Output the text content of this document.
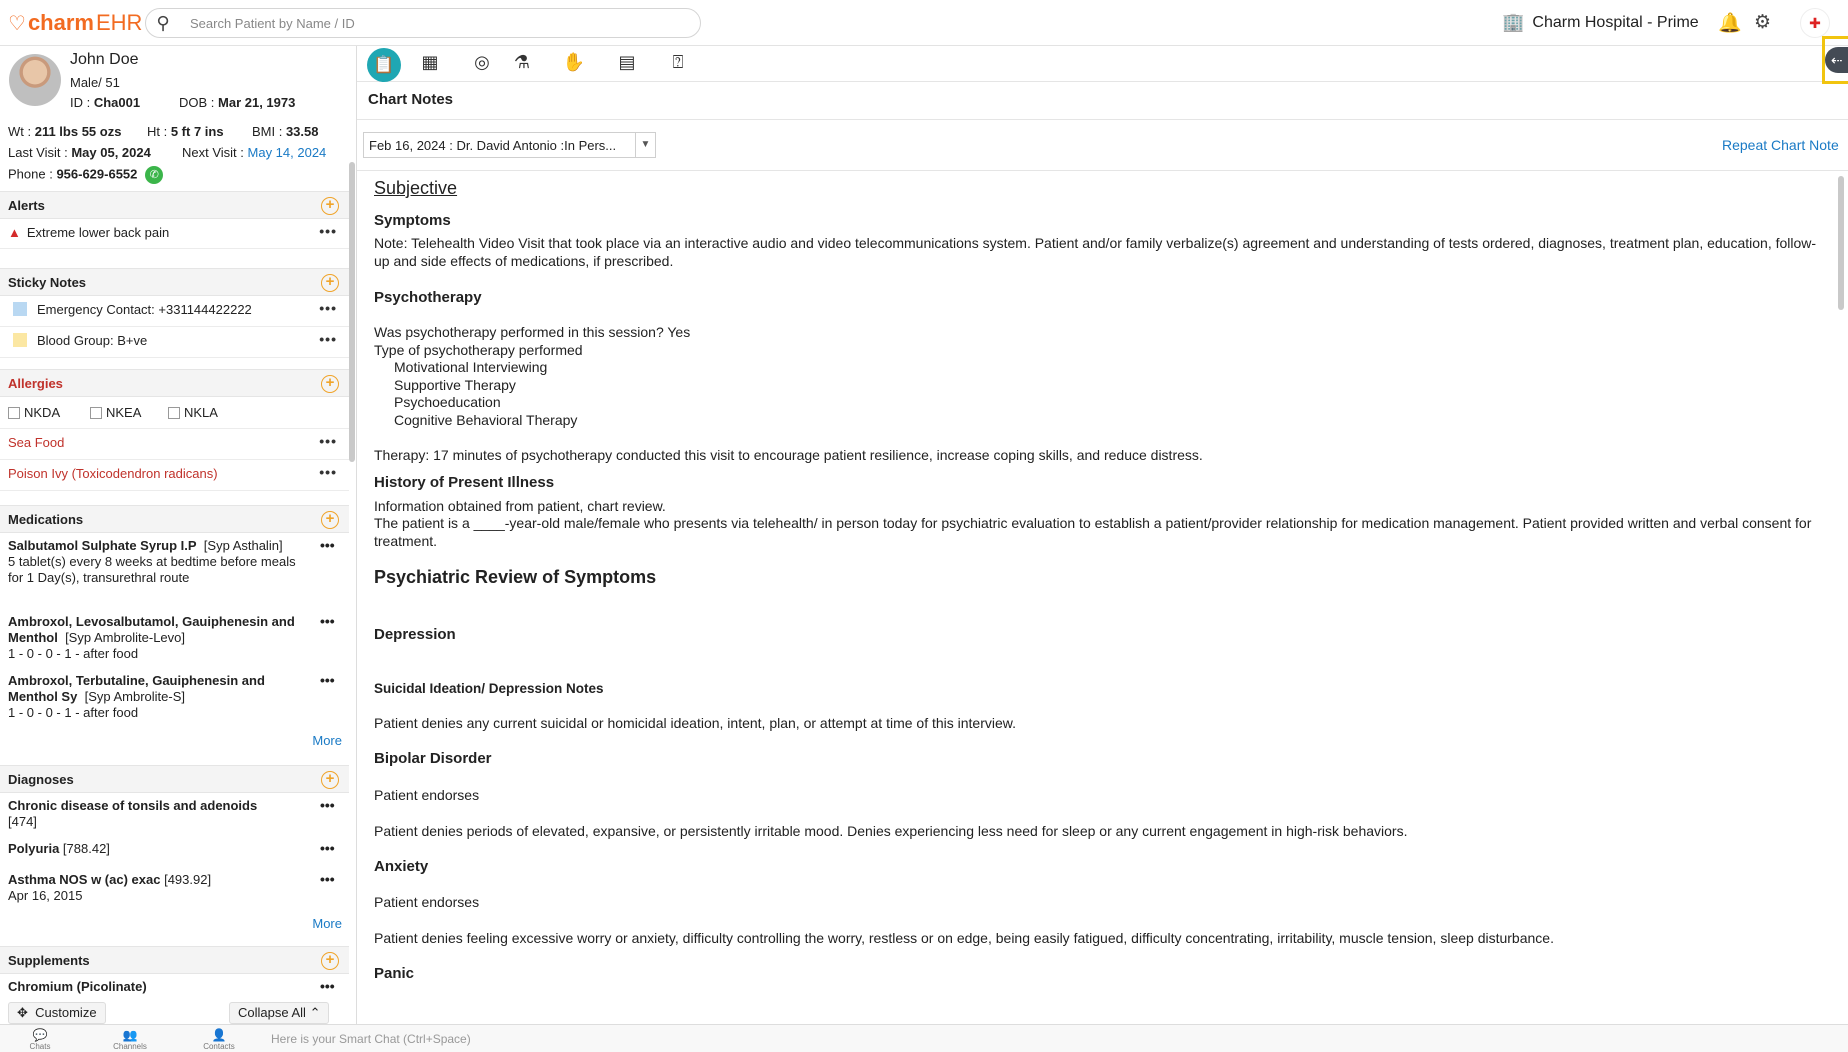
♡ charm EHR ⚲
Search Patient by Name / ID	🏢 Charm Hospital - Prime 🔔 ⚙	✚
John Doe
Male/ 51
ID : Cha001	DOB : Mar 21, 1973
Wt : 211 lbs 55 ozs Ht : 5 ft 7 ins BMI : 33.58
Last Visit : May 05, 2024 Next Visit : May 14, 2024
Phone : 956-629-6552 ✆
Alerts	+
▲ Extreme lower back pain	•••
Sticky Notes	+
Emergency Contact: +331144422222	•••
Blood Group: B+ve	•••
Allergies	+
NKDA	NKEA	NKLA
Sea Food	•••
Poison Ivy (Toxicodendron radicans)	•••
Medications	+
Salbutamol Sulphate Syrup I.P [Syp Asthalin]
5 tablet(s) every 8 weeks at bedtime before meals for 1 Day(s), transurethral route
•••
Ambroxol, Levosalbutamol, Gauiphenesin and Menthol [Syp Ambrolite-Levo]
1 - 0 - 0 - 1 - after food
•••
Ambroxol, Terbutaline, Gauiphenesin and Menthol Sy [Syp Ambrolite-S]
1 - 0 - 0 - 1 - after food
•••
More
Diagnoses	+
Chronic disease of tonsils and adenoids
[474]
•••
Polyuria [788.42]	•••
Asthma NOS w (ac) exac [493.92]
Apr 16, 2015
•••
More
Supplements	+
Chromium (Picolinate)	•••
✥ Customize	Collapse All ⌃
📋	▦	◎	⚗	✋	▤	⍰	⇠
Chart Notes
Feb 16, 2024 : Dr. David Antonio :In Pers...	▼	Repeat Chart Note
Subjective
Symptoms
Note: Telehealth Video Visit that took place via an interactive audio and video telecommunications system. Patient and/or family verbalize(s) agreement and understanding of tests ordered, diagnoses, treatment plan, education, follow-up and side effects of medications, if prescribed.
Psychotherapy
Was psychotherapy performed in this session? Yes
Type of psychotherapy performed
Motivational Interviewing
Supportive Therapy
Psychoeducation
Cognitive Behavioral Therapy
Therapy: 17 minutes of psychotherapy conducted this visit to encourage patient resilience, increase coping skills, and reduce distress.
History of Present Illness
Information obtained from patient, chart review.
The patient is a ____-year-old male/female who presents via telehealth/ in person today for psychiatric evaluation to establish a patient/provider relationship for medication management. Patient provided written and verbal consent for treatment.
Psychiatric Review of Symptoms
Depression
Suicidal Ideation/ Depression Notes
Patient denies any current suicidal or homicidal ideation, intent, plan, or attempt at time of this interview.
Bipolar Disorder
Patient endorses
Patient denies periods of elevated, expansive, or persistently irritable mood. Denies experiencing less need for sleep or any current engagement in high-risk behaviors.
Anxiety
Patient endorses
Patient denies feeling excessive worry or anxiety, difficulty controlling the worry, restless or on edge, being easily fatigued, difficulty concentrating, irritability, muscle tension, sleep disturbance.
Panic
💬
Chats
👥
Channels
👤
Contacts
Here is your Smart Chat (Ctrl+Space)
